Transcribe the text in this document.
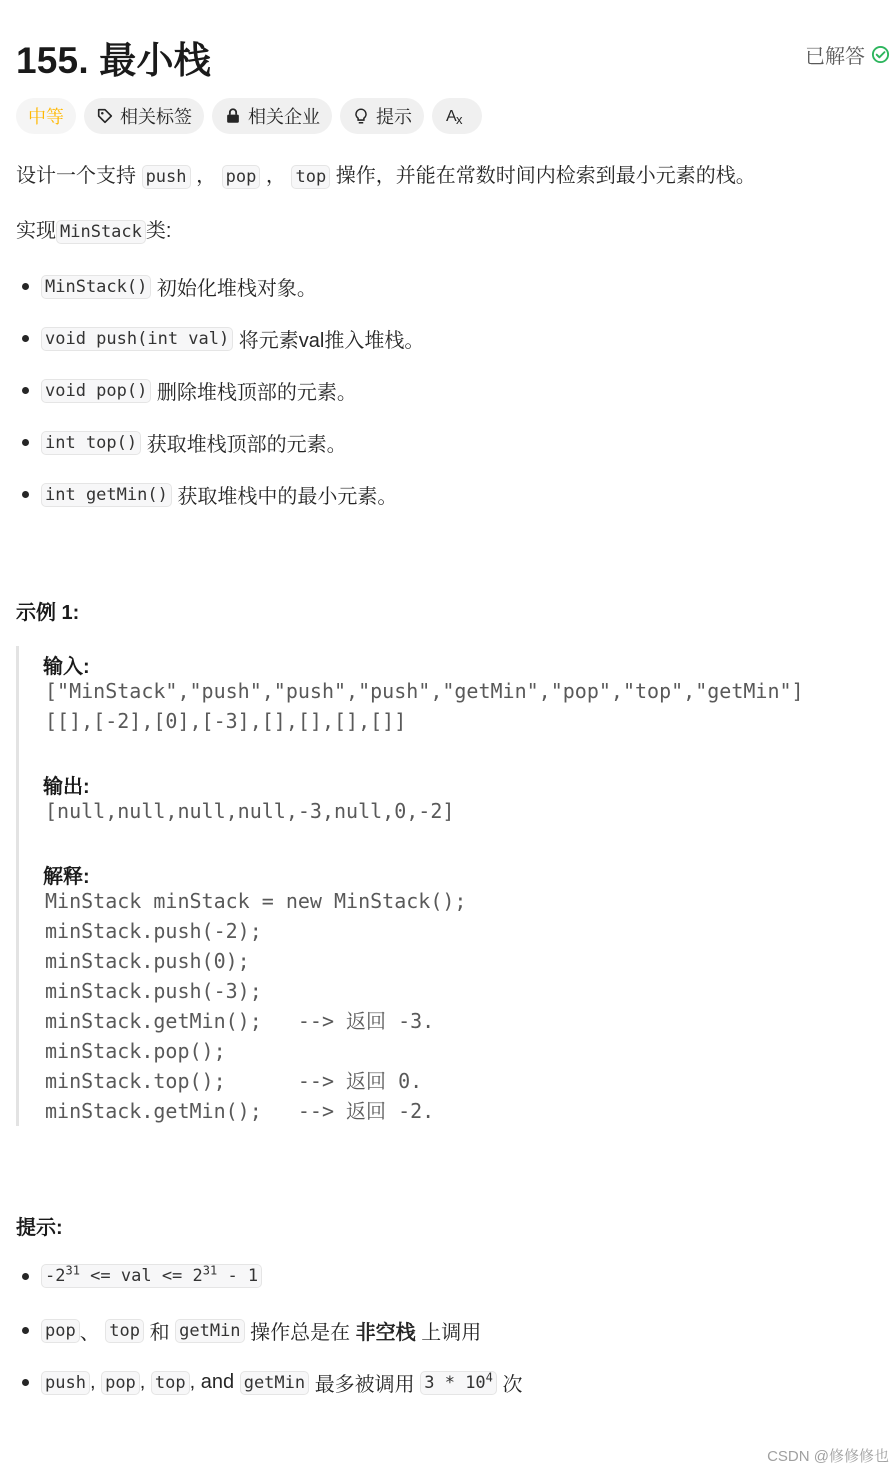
155. 最小栈	已解答
中等	相关标签	相关企业	提示 A x
设计一个支持 push ， pop ， top 操作，并能在常数时间内检索到最小元素的栈。
实现 MinStack 类:
MinStack()
初始化堆栈对象。
void push(int val)
将元素val推入堆栈。
void pop()
删除堆栈顶部的元素。
int top()
获取堆栈顶部的元素。
int getMin()
获取堆栈中的最小元素。
示例 1:
输入:
["MinStack","push","push","push","getMin","pop","top","getMin"]
[[],[-2],[0],[-3],[],[],[],[]]
输出:
[null,null,null,null,-3,null,0,-2]
解释:
MinStack minStack = new MinStack();
minStack.push(-2);
minStack.push(0);
minStack.push(-3);
minStack.getMin();   --> 返回 -3.
minStack.pop();
minStack.top();      --> 返回 0.
minStack.getMin();   --> 返回 -2.
提示:
$-2^{31}$ <= val <= $2^{31} - 1$
pop 、
top
和
getMin
操作总是在
非空栈
上调用
push , pop , top , and
getMin
最多被调用
$3 * 10^4$
次
CSDN @修修修也
